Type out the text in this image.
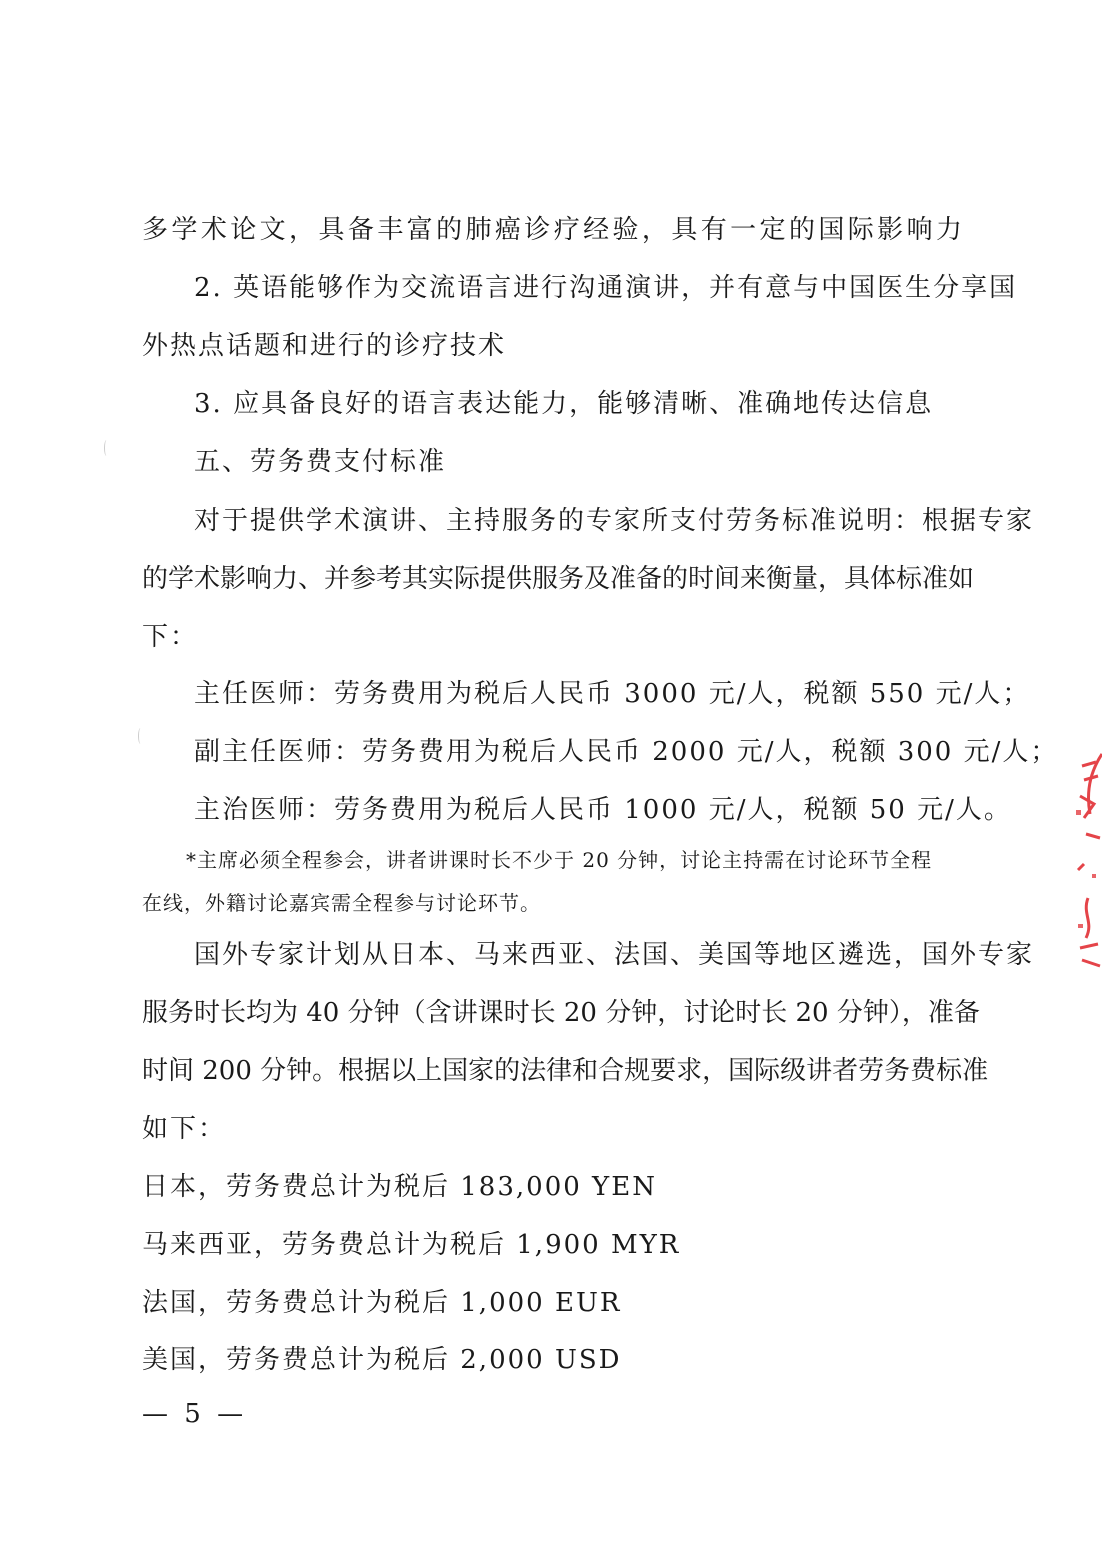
多学术论文，具备丰富的肺癌诊疗经验，具有一定的国际影响力
2. 英语能够作为交流语言进行沟通演讲，并有意与中国医生分享国
外热点话题和进行的诊疗技术
3. 应具备良好的语言表达能力，能够清晰、准确地传达信息
五、劳务费支付标准
对于提供学术演讲、主持服务的专家所支付劳务标准说明：根据专家
的学术影响力、并参考其实际提供服务及准备的时间来衡量，具体标准如
下：
主任医师：劳务费用为税后人民币 3000 元/人，税额 550 元/人；
副主任医师：劳务费用为税后人民币 2000 元/人，税额 300 元/人；
主治医师：劳务费用为税后人民币 1000 元/人，税额 50 元/人。
*主席必须全程参会，讲者讲课时长不少于 20 分钟，讨论主持需在讨论环节全程
在线，外籍讨论嘉宾需全程参与讨论环节。
国外专家计划从日本、马来西亚、法国、美国等地区遴选，国外专家
服务时长均为 40 分钟（含讲课时长 20 分钟，讨论时长 20 分钟），准备
时间 200 分钟。根据以上国家的法律和合规要求，国际级讲者劳务费标准
如下：
日本，劳务费总计为税后 183,000 YEN
马来西亚，劳务费总计为税后 1,900 MYR
法国，劳务费总计为税后 1,000 EUR
美国，劳务费总计为税后 2,000 USD
— 5 —
